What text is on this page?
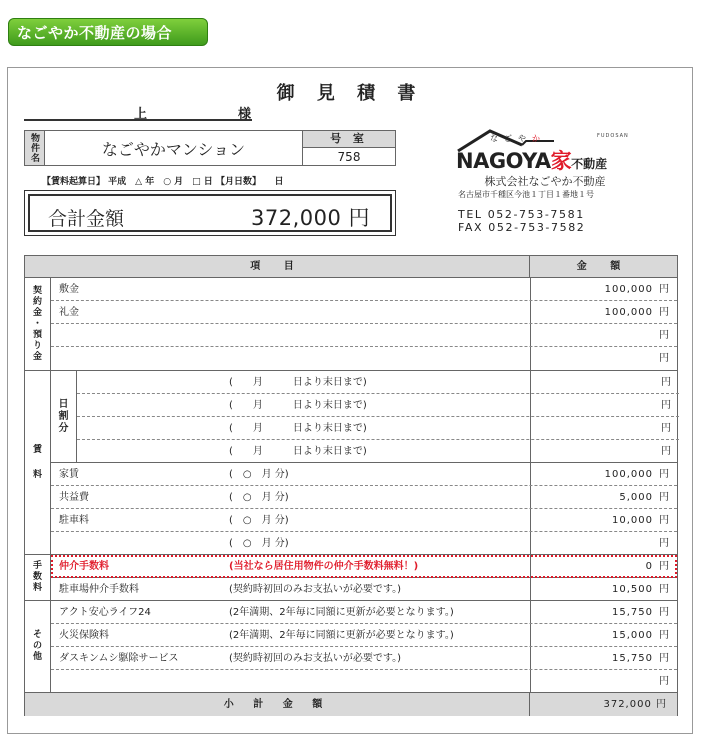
なごやか不動産の場合
御 見 積 書
上	様
物件名	なごやかマンション
号 室
758
【賃料起算日】 平成　△ 年　○ 月　□ 日 【月日数】　　日
合計金額	372,000 円
なごやか	FUDOSAN
NAGOYA家不動産
株式会社なごやか不動産
名古屋市千種区今池１丁目１番地１号
TEL 052-753-7581
FAX 052-753-7582
項 目	金 額
契
約
金
・
預
り
金
敷金	100,000 円
礼金	100,000 円
円
円
賃
料
日
割
分
(　　月　　　日より末日まで)	円
(　　月　　　日より末日まで)	円
(　　月　　　日より末日まで)	円
(　　月　　　日より末日まで)	円
家賃	(　○　月 分)	100,000 円
共益費	(　○　月 分)	5,000 円
駐車料	(　○　月 分)	10,000 円
(　○　月 分)	円
手
数
料
仲介手数料	(当社なら居住用物件の仲介手数料無料！)	0 円
駐車場仲介手数料	(契約時初回のみお支払いが必要です。)	10,500 円
そ
の
他
アクト安心ライフ24	(2年満期、2年毎に同額に更新が必要となります。)	15,750 円
火災保険料	(2年満期、2年毎に同額に更新が必要となります。)	15,000 円
ダスキンムシ駆除サービス	(契約時初回のみお支払いが必要です。)	15,750 円
円
小 計 金 額	372,000 円
